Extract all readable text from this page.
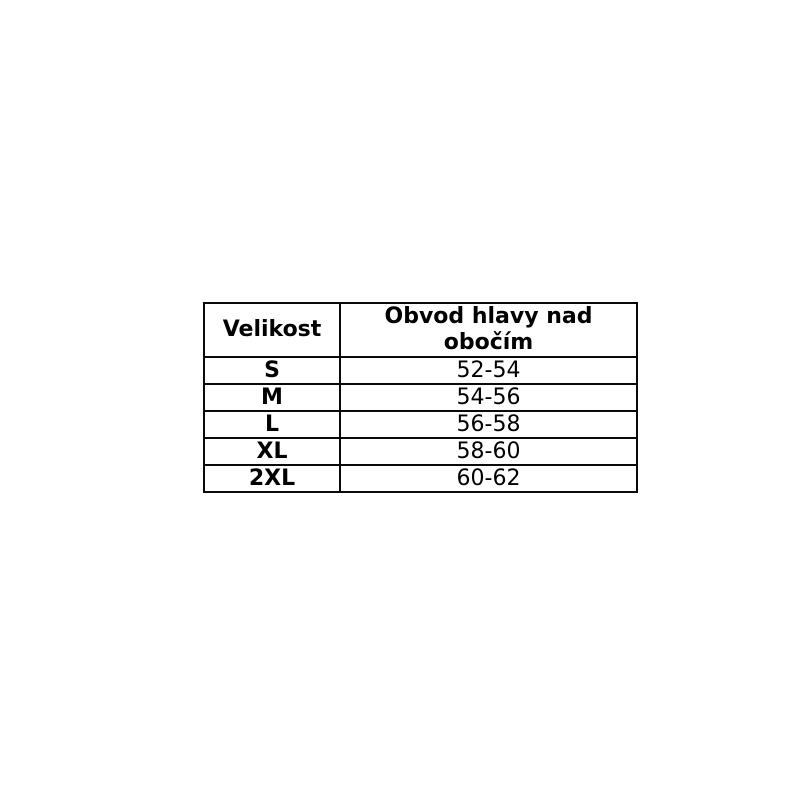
Velikost	Obvod hlavy nad obočím
S	52-54
M	54-56
L	56-58
XL	58-60
2XL	60-62
